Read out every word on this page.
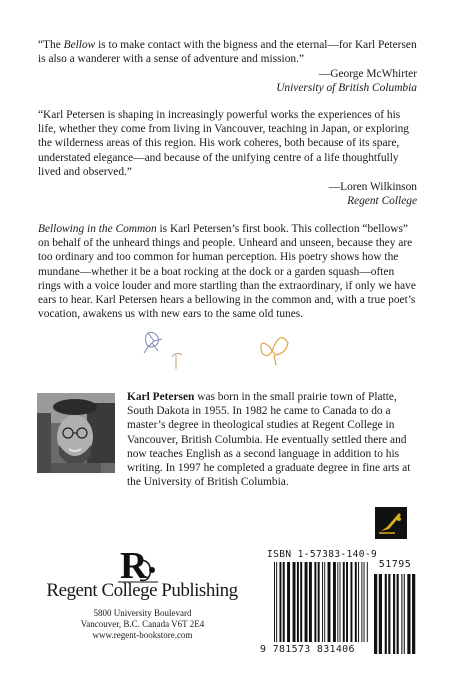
“The Bellow is to make contact with the bigness and the eternal—for Karl Petersen is also a wanderer with a sense of adventure and mission.”

—George McWhirter
University of British Columbia

“Karl Petersen is shaping in increasingly powerful works the experiences of his life, whether they come from living in Vancouver, teaching in Japan, or exploring the wilderness areas of this region. His work coheres, both because of its spare, understated elegance—and because of the unifying centre of a life thoughtfully lived and observed.”

—Loren Wilkinson
Regent College

Bellowing in the Common is Karl Petersen’s first book. This collection “bellows” on behalf of the unheard things and people. Unheard and unseen, because they are too ordinary and too common for human perception. His poetry shows how the mundane—whether it be a boat rocking at the dock or a garden squash—often rings with a voice louder and more startling than the extraordinary, if only we have ears to hear. Karl Petersen hears a bellowing in the common and, with a true poet’s vocation, awakens us with new ears to the same old tunes.

Karl Petersen was born in the small prairie town of Platte, South Dakota in 1955. In 1982 he came to Canada to do a master’s degree in theological studies at Regent College in Vancouver, British Columbia. He eventually settled there and now teaches English as a second language in addition to his writing. In 1997 he completed a graduate degree in fine arts at the University of British Columbia.

R
Regent College Publishing
5800 University Boulevard
Vancouver, B.C. Canada V6T 2E4
www.regent-bookstore.com
ISBN 1-57383-140-9
51795
9 781573 831406
